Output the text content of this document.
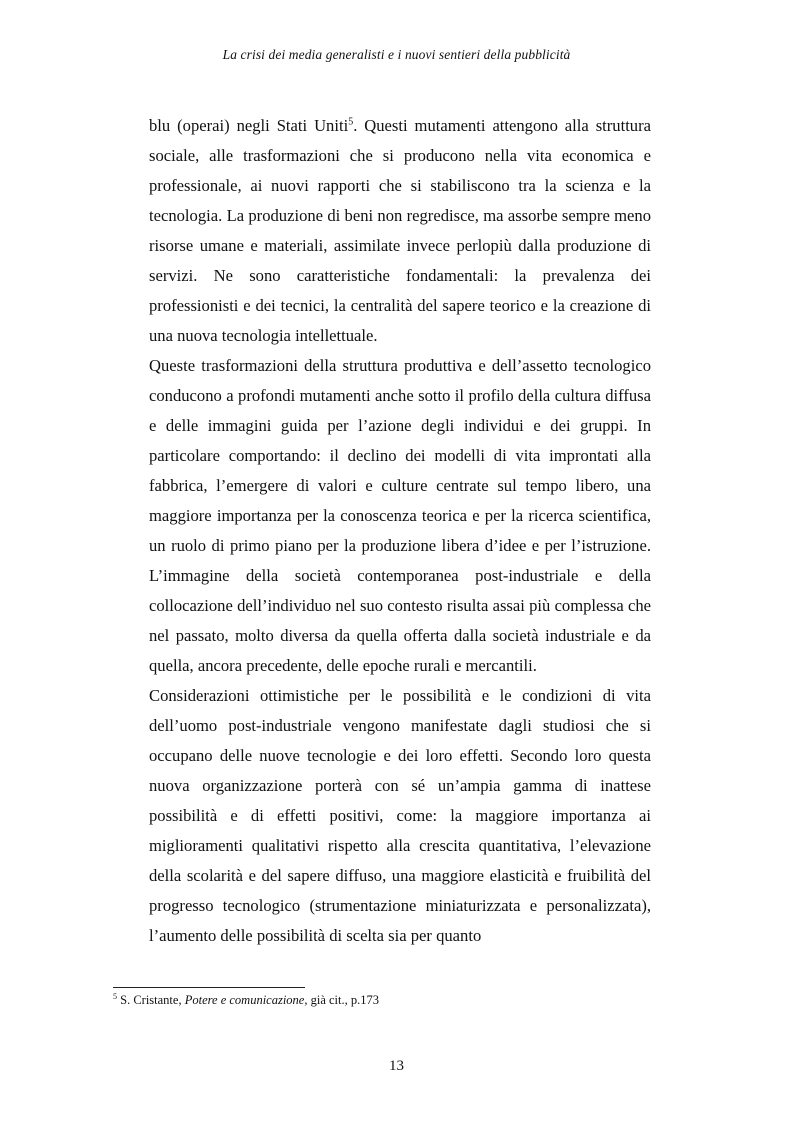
La crisi dei media generalisti e i nuovi sentieri della pubblicità

blu (operai) negli Stati Uniti$^5$. Questi mutamenti attengono alla struttura sociale, alle trasformazioni che si producono nella vita economica e professionale, ai nuovi rapporti che si stabiliscono tra la scienza e la tecnologia. La produzione di beni non regredisce, ma assorbe sempre meno risorse umane e materiali, assimilate invece perlopiù dalla produzione di servizi. Ne sono caratteristiche fondamentali: la prevalenza dei professionisti e dei tecnici, la centralità del sapere teorico e la creazione di una nuova tecnologia intellettuale.

Queste trasformazioni della struttura produttiva e dell’assetto tecnologico conducono a profondi mutamenti anche sotto il profilo della cultura diffusa e delle immagini guida per l’azione degli individui e dei gruppi. In particolare comportando: il declino dei modelli di vita improntati alla fabbrica, l’emergere di valori e culture centrate sul tempo libero, una maggiore importanza per la conoscenza teorica e per la ricerca scientifica, un ruolo di primo piano per la produzione libera d’idee e per l’istruzione. L’immagine della società contemporanea post-industriale e della collocazione dell’individuo nel suo contesto risulta assai più complessa che nel passato, molto diversa da quella offerta dalla società industriale e da quella, ancora precedente, delle epoche rurali e mercantili.

Considerazioni ottimistiche per le possibilità e le condizioni di vita dell’uomo post-industriale vengono manifestate dagli studiosi che si occupano delle nuove tecnologie e dei loro effetti. Secondo loro questa nuova organizzazione porterà con sé un’ampia gamma di inattese possibilità e di effetti positivi, come: la maggiore importanza ai miglioramenti qualitativi rispetto alla crescita quantitativa, l’elevazione della scolarità e del sapere diffuso, una maggiore elasticità e fruibilità del progresso tecnologico (strumentazione miniaturizzata e personalizzata), l’aumento delle possibilità di scelta sia per quanto

$^5$ S. Cristante, Potere e comunicazione, già cit., p.173
13
